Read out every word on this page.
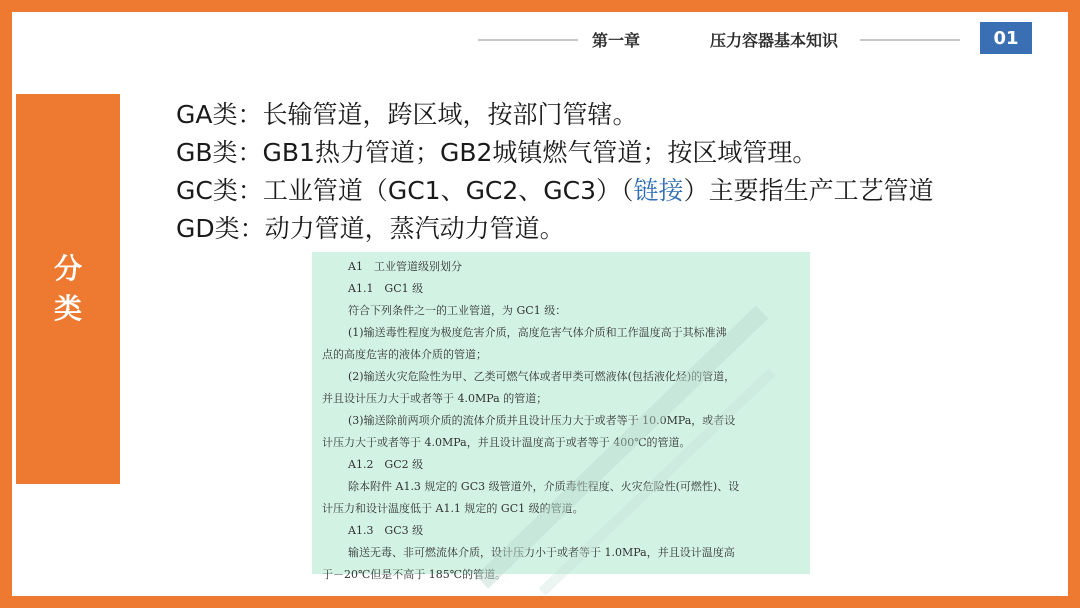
第一章	压力容器基本知识	01
分
类
GA类：长输管道，跨区域，按部门管辖。
GB类：GB1热力管道；GB2城镇燃气管道；按区域管理。
GC类：工业管道（GC1、GC2、GC3）（链接）主要指生产工艺管道
GD类：动力管道，蒸汽动力管道。

A1　工业管道级别划分

A1.1　GC1 级

符合下列条件之一的工业管道，为 GC1 级：

(1)输送毒性程度为极度危害介质，高度危害气体介质和工作温度高于其标准沸

点的高度危害的液体介质的管道；

(2)输送火灾危险性为甲、乙类可燃气体或者甲类可燃液体(包括液化烃)的管道，

并且设计压力大于或者等于 4.0MPa 的管道；

(3)输送除前两项介质的流体介质并且设计压力大于或者等于 10.0MPa，或者设

计压力大于或者等于 4.0MPa，并且设计温度高于或者等于 400℃的管道。

A1.2　GC2 级

除本附件 A1.3 规定的 GC3 级管道外，介质毒性程度、火灾危险性(可燃性)、设

计压力和设计温度低于 A1.1 规定的 GC1 级的管道。

A1.3　GC3 级

输送无毒、非可燃流体介质，设计压力小于或者等于 1.0MPa，并且设计温度高

于－20℃但是不高于 185℃的管道。
